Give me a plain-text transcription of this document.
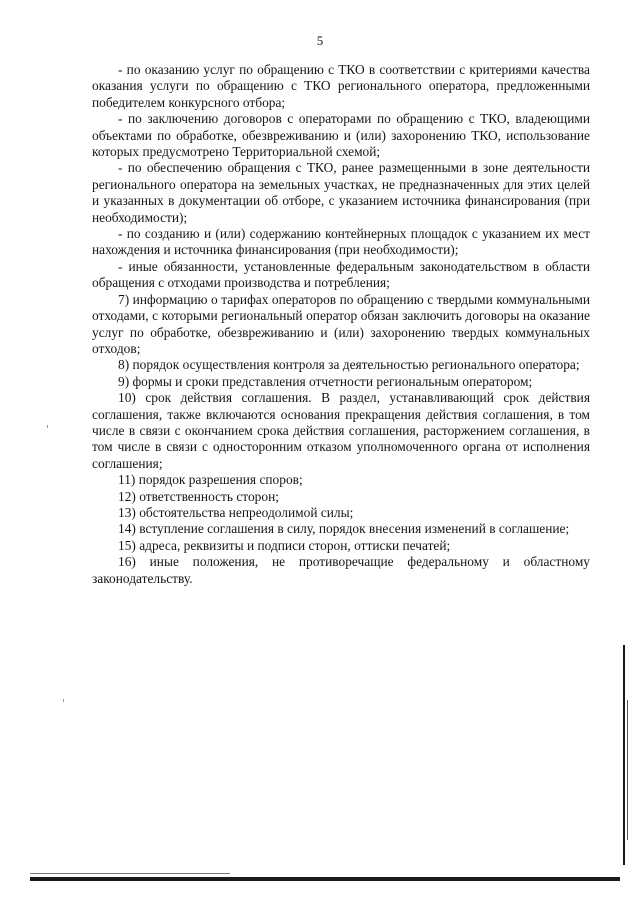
5

- по оказанию услуг по обращению с ТКО в соответствии с критериями качества оказания услуги по обращению с ТКО регионального оператора, предложенными победителем конкурсного отбора;

- по заключению договоров с операторами по обращению с ТКО, владеющими объектами по обработке, обезвреживанию и (или) захоронению ТКО, использование которых предусмотрено Территориальной схемой;

- по обеспечению обращения с ТКО, ранее размещенными в зоне деятельности регионального оператора на земельных участках, не предназначенных для этих целей и указанных в документации об отборе, с указанием источника финансирования (при необходимости);

- по созданию и (или) содержанию контейнерных площадок с указанием их мест нахождения и источника финансирования (при необходимости);

- иные обязанности, установленные федеральным законодательством в области обращения с отходами производства и потребления;

7) информацию о тарифах операторов по обращению с твердыми коммунальными отходами, с которыми региональный оператор обязан заключить договоры на оказание услуг по обработке, обезвреживанию и (или) захоронению твердых коммунальных отходов;

8) порядок осуществления контроля за деятельностью регионального оператора;

9) формы и сроки представления отчетности региональным оператором;

10) срок действия соглашения. В раздел, устанавливающий срок действия соглашения, также включаются основания прекращения действия соглашения, в том числе в связи с окончанием срока действия соглашения, расторжением соглашения, в том числе в связи с односторонним отказом уполномоченного органа от исполнения соглашения;

11) порядок разрешения споров;

12) ответственность сторон;

13) обстоятельства непреодолимой силы;

14) вступление соглашения в силу, порядок внесения изменений в соглашение;

15) адреса, реквизиты и подписи сторон, оттиски печатей;

16) иные положения, не противоречащие федеральному и областному законодательству.
